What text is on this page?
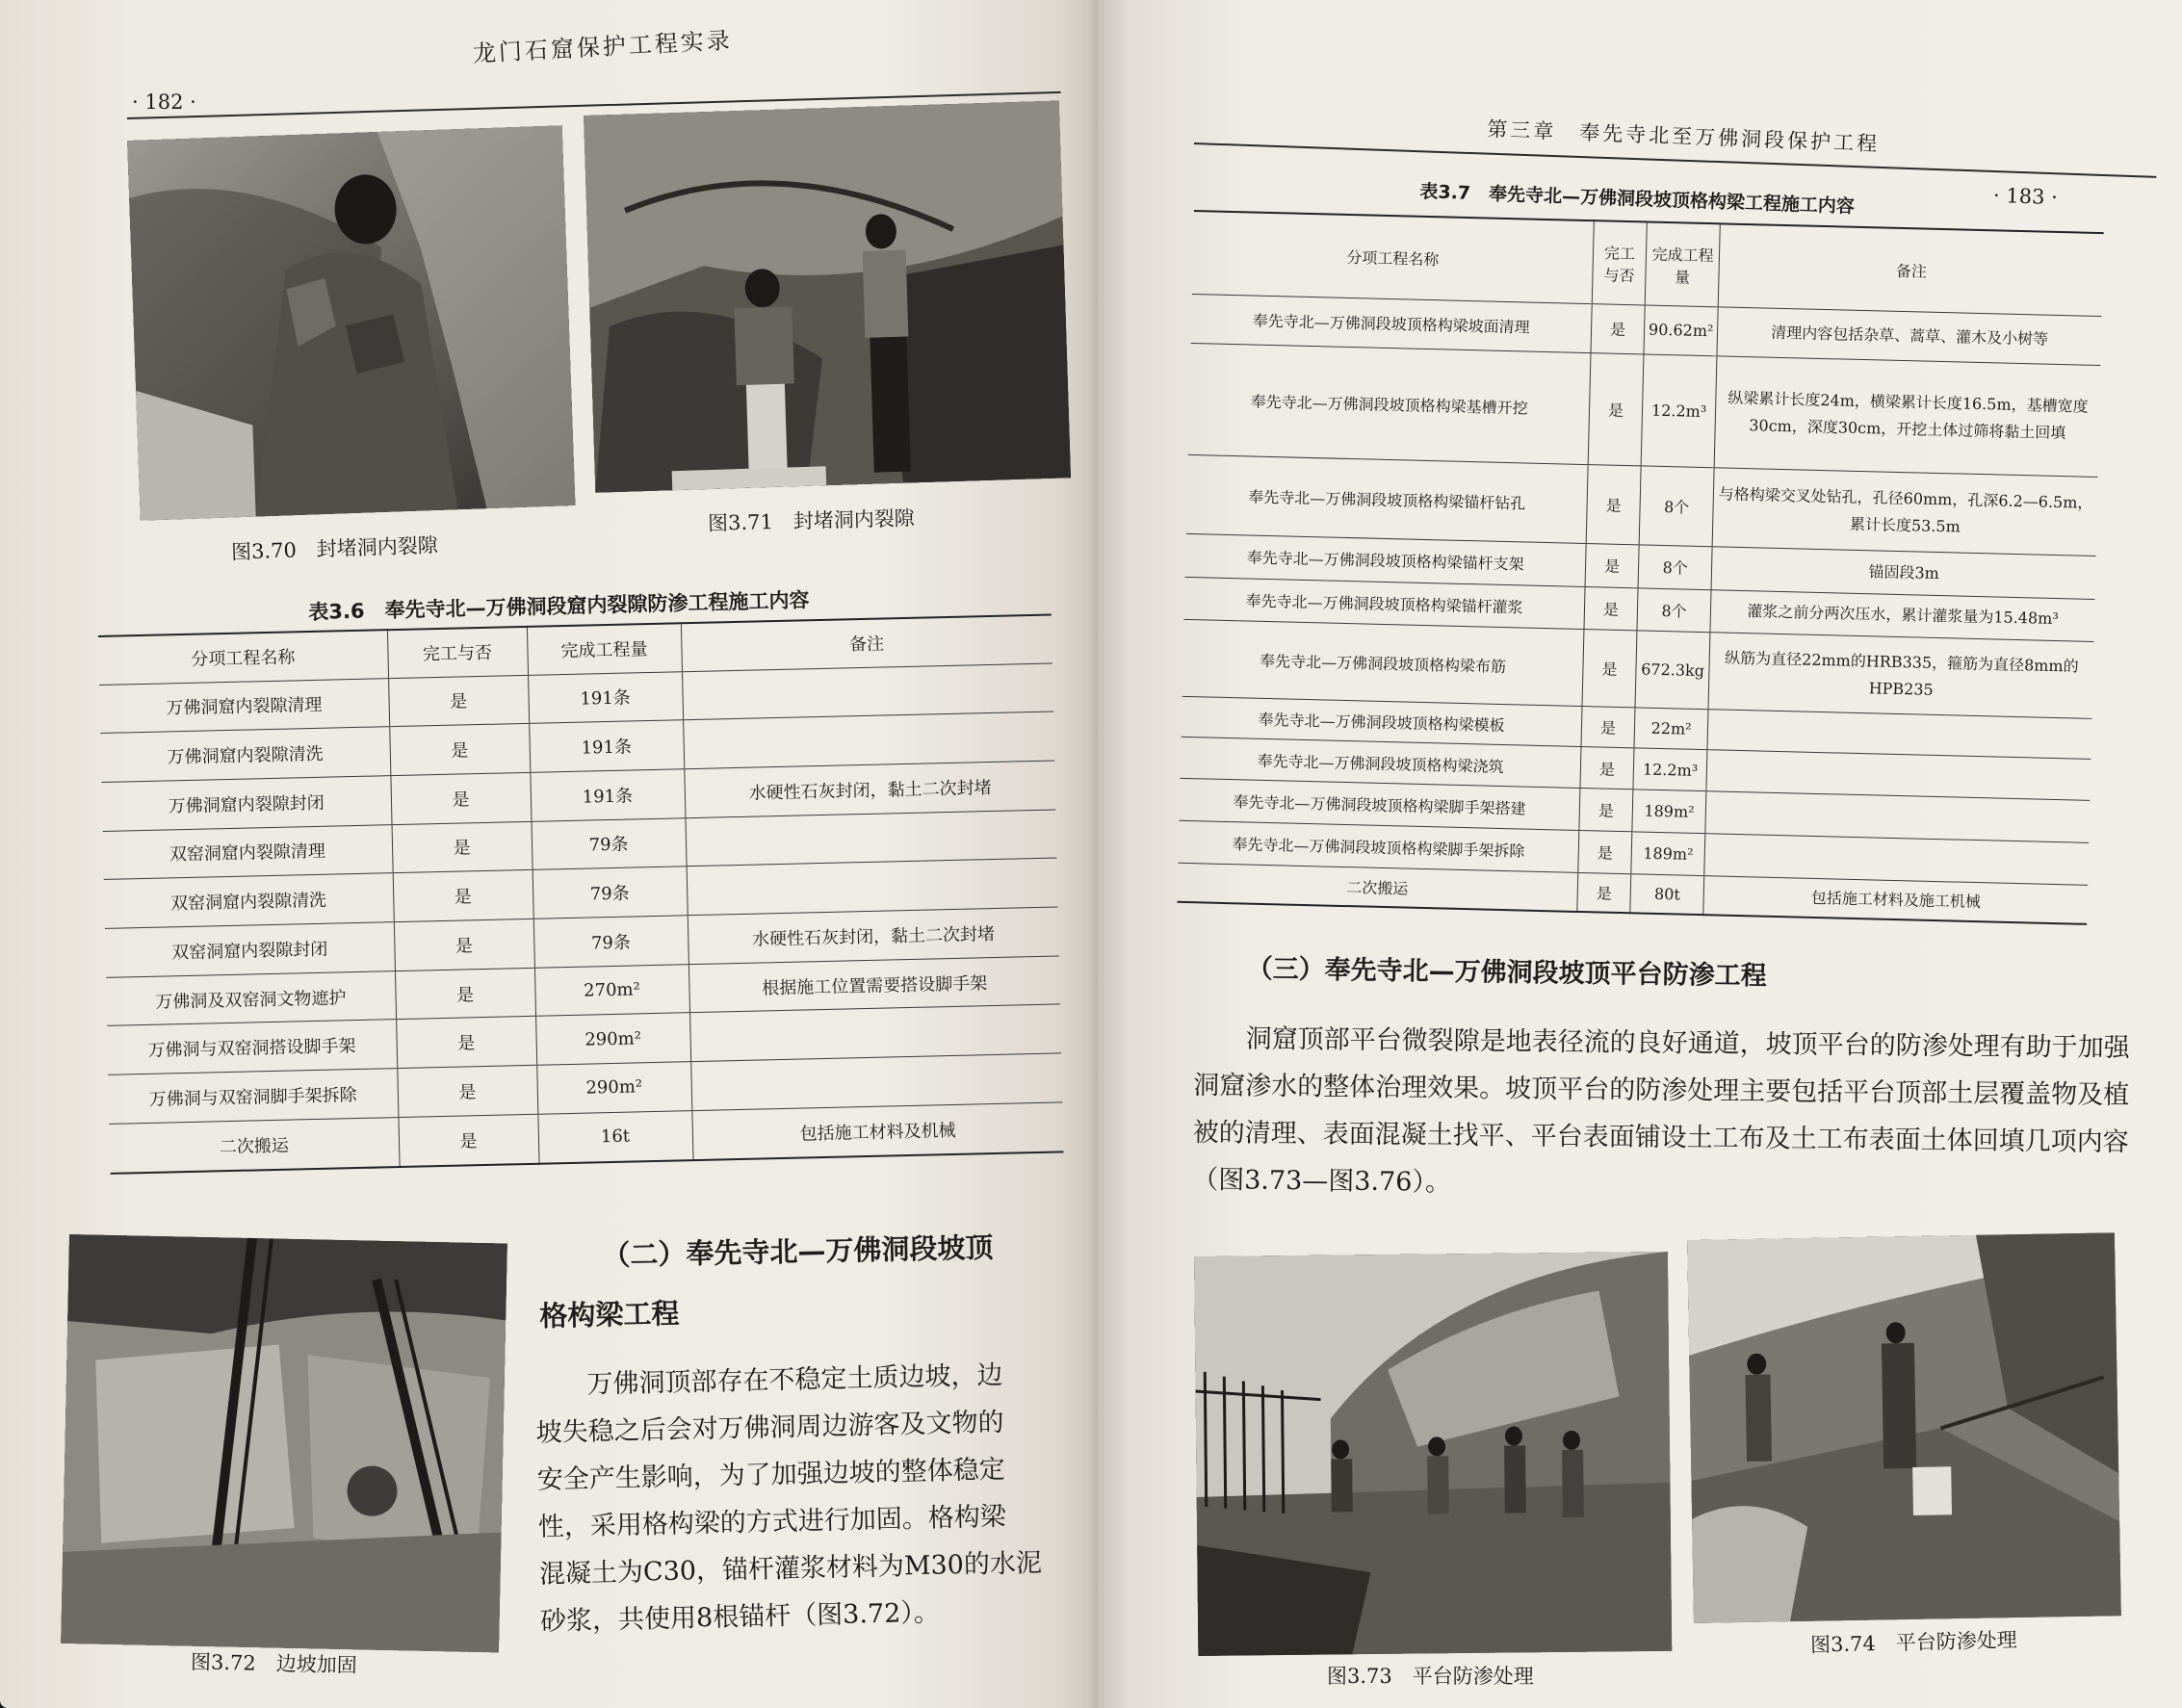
· 182 ·
龙门石窟保护工程实录
图3.70　封堵洞内裂隙
图3.71　封堵洞内裂隙
表3.6　奉先寺北—万佛洞段窟内裂隙防渗工程施工内容
分项工程名称	完工与否	完成工程量	备注
万佛洞窟内裂隙清理	是	191条	
万佛洞窟内裂隙清洗	是	191条	
万佛洞窟内裂隙封闭	是	191条	水硬性石灰封闭，黏土二次封堵
双窑洞窟内裂隙清理	是	79条	
双窑洞窟内裂隙清洗	是	79条	
双窑洞窟内裂隙封闭	是	79条	水硬性石灰封闭，黏土二次封堵
万佛洞及双窑洞文物遮护	是	270m²	根据施工位置需要搭设脚手架
万佛洞与双窑洞搭设脚手架	是	290m²	
万佛洞与双窑洞脚手架拆除	是	290m²	
二次搬运	是	16t	包括施工材料及机械
图3.72　边坡加固
（二）奉先寺北—万佛洞段坡顶
格构梁工程
万佛洞顶部存在不稳定土质边坡，边
坡失稳之后会对万佛洞周边游客及文物的
安全产生影响，为了加强边坡的整体稳定
性，采用格构梁的方式进行加固。格构梁
混凝土为C30，锚杆灌浆材料为M30的水泥
砂浆，共使用8根锚杆（图3.72）。
第三章　奉先寺北至万佛洞段保护工程
· 183 ·
表3.7　奉先寺北—万佛洞段坡顶格构梁工程施工内容
分项工程名称	完工与否	完成工程量	备注
奉先寺北—万佛洞段坡顶格构梁坡面清理	是	90.62m²	清理内容包括杂草、蒿草、灌木及小树等
奉先寺北—万佛洞段坡顶格构梁基槽开挖	是	12.2m³	纵梁累计长度24m，横梁累计长度16.5m，基槽宽度30cm，深度30cm，开挖土体过筛将黏土回填
奉先寺北—万佛洞段坡顶格构梁锚杆钻孔	是	8个	与格构梁交叉处钻孔，孔径60mm，孔深6.2—6.5m，累计长度53.5m
奉先寺北—万佛洞段坡顶格构梁锚杆支架	是	8个	锚固段3m
奉先寺北—万佛洞段坡顶格构梁锚杆灌浆	是	8个	灌浆之前分两次压水，累计灌浆量为15.48m³
奉先寺北—万佛洞段坡顶格构梁布筋	是	672.3kg	纵筋为直径22mm的HRB335，箍筋为直径8mm的HPB235
奉先寺北—万佛洞段坡顶格构梁模板	是	22m²	
奉先寺北—万佛洞段坡顶格构梁浇筑	是	12.2m³	
奉先寺北—万佛洞段坡顶格构梁脚手架搭建	是	189m²	
奉先寺北—万佛洞段坡顶格构梁脚手架拆除	是	189m²	
二次搬运	是	80t	包括施工材料及施工机械
（三）奉先寺北—万佛洞段坡顶平台防渗工程
洞窟顶部平台微裂隙是地表径流的良好通道，坡顶平台的防渗处理有助于加强
洞窟渗水的整体治理效果。坡顶平台的防渗处理主要包括平台顶部土层覆盖物及植
被的清理、表面混凝土找平、平台表面铺设土工布及土工布表面土体回填几项内容
（图3.73—图3.76）。
图3.73　平台防渗处理
图3.74　平台防渗处理
